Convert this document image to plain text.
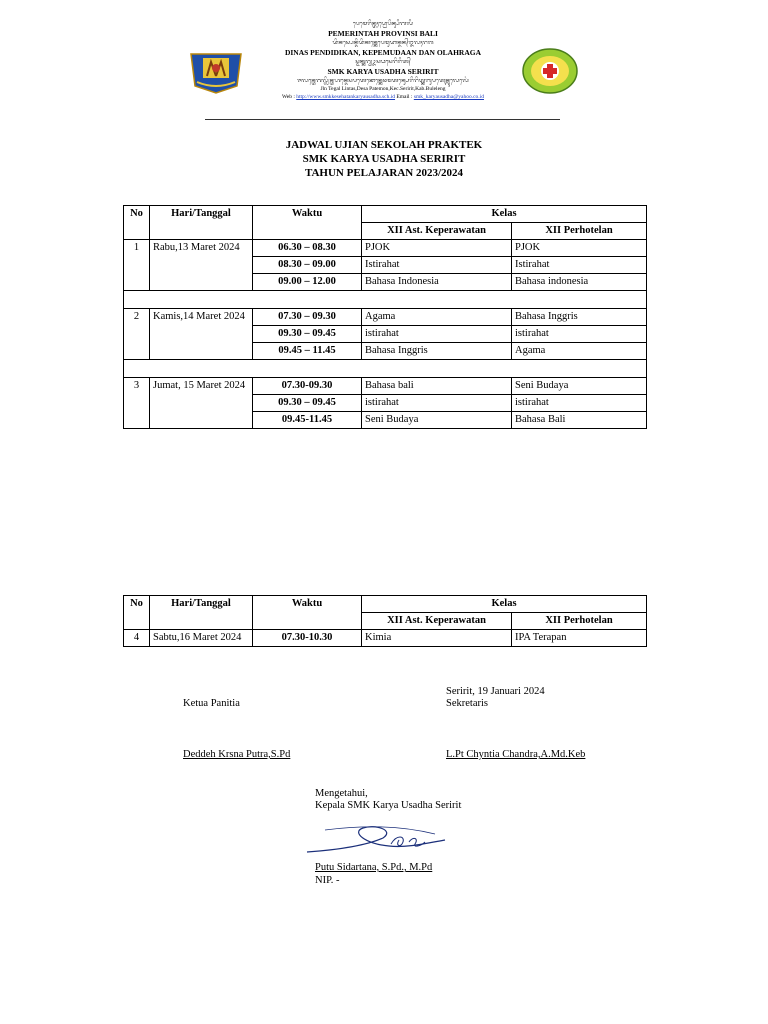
ᬧᬾᬫᬾᬭᬶᬦ᭄ᬢᬄᬧ᭄ᬭᭀᬧᬶᬦ᭄ᬲᬶᬩᬮᬶ
PEMERINTAH PROVINSI BALI
ᬤᬶᬦᬲ᭄ᬧᬾᬦ᭄ᬤᬶᬤᬶᬓᬦ᭄ᬓᬾᬧᬾᬫᬸᬤᬵᬦ᭄ᬤᬦ᭄ᬑᬮᬄᬭᬕ
DINAS PENDIDIKAN, KEPEMUDAAN DAN OLAHRAGA
ᬲ᭄ᬫᬓ᭄ᬓᬭ᭄ᬬᬉᬲᬥᬲᬾᬭᬶᬭᬶᬢ᭄
SMK KARYA USADHA SERIRIT
ᬚᬮᬦ᭄ᬢᬾᬕᬮ᭄ᬮᬶᬦ᭄ᬢᬳᬦ᭄ᬤᬾᬲᬧᬢᬾᬦᭀᬦ᭄ᬓᬾᬘᬫᬢᬦ᭄ᬲᬾᬭᬶᬭᬶᬢ᭄ᬓᬩᬸᬧᬢᬾᬦ᭄ᬩᬸᬮᬾᬮᬾᬂ
Jln Tegal Lintas,Desa Patemon,Kec.Seririt,Kab.Buleleng
Web : http://www.smkkesehatankaryausadha.sch.id Email : smk_karyausadha@yahoo.co.id
JADWAL UJIAN SEKOLAH PRAKTEK
SMK KARYA USADHA SERIRIT
TAHUN PELAJARAN 2023/2024
No	Hari/Tanggal	Waktu	Kelas	
			XII Ast. Keperawatan	XII Perhotelan
1	Rabu,13 Maret 2024	06.30 – 08.30	PJOK	PJOK
		08.30 – 09.00	Istirahat	Istirahat
		09.00 – 12.00	Bahasa Indonesia	Bahasa indonesia

2	Kamis,14 Maret 2024	07.30 – 09.30	Agama	Bahasa Inggris
		09.30 – 09.45	istirahat	istirahat
		09.45 – 11.45	Bahasa Inggris	Agama

3	Jumat, 15 Maret 2024	07.30-09.30	Bahasa bali	Seni Budaya
		09.30 – 09.45	istirahat	istirahat
		09.45-11.45	Seni Budaya	Bahasa Bali
No	Hari/Tanggal	Waktu	Kelas	
			XII Ast. Keperawatan	XII Perhotelan
4	Sabtu,16 Maret 2024	07.30-10.30	Kimia	IPA Terapan
Ketua Panitia
Seririt, 19 Januari 2024
Sekretaris
Deddeh Krsna Putra,S.Pd	L.Pt Chyntia Chandra,A.Md.Keb
Mengetahui,
Kepala SMK Karya Usadha Seririt
Putu Sidartana, S.Pd., M.Pd
NIP. -
